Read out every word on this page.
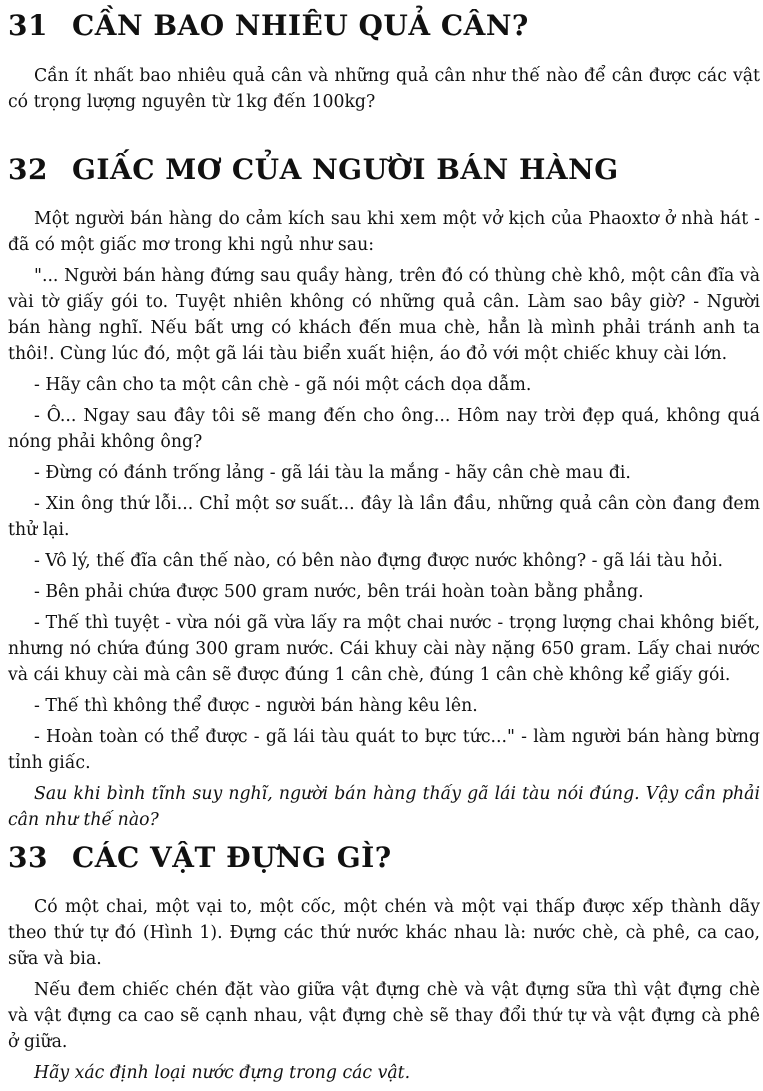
31 CẦN BAO NHIÊU QUẢ CÂN?

Cần ít nhất bao nhiêu quả cân và những quả cân như thế nào để cân được các vật có trọng lượng nguyên từ 1kg đến 100kg?

32 GIẤC MƠ CỦA NGƯỜI BÁN HÀNG

Một người bán hàng do cảm kích sau khi xem một vở kịch của Phaoxtơ ở nhà hát - đã có một giấc mơ trong khi ngủ như sau:

"... Người bán hàng đứng sau quầy hàng, trên đó có thùng chè khô, một cân đĩa và vài tờ giấy gói to. Tuyệt nhiên không có những quả cân. Làm sao bây giờ? - Người bán hàng nghĩ. Nếu bất ưng có khách đến mua chè, hẳn là mình phải tránh anh ta thôi!. Cùng lúc đó, một gã lái tàu biển xuất hiện, áo đỏ với một chiếc khuy cài lớn.

- Hãy cân cho ta một cân chè - gã nói một cách dọa dẫm.

- Ô... Ngay sau đây tôi sẽ mang đến cho ông... Hôm nay trời đẹp quá, không quá nóng phải không ông?

- Đừng có đánh trống lảng - gã lái tàu la mắng - hãy cân chè mau đi.

- Xin ông thứ lỗi... Chỉ một sơ suất... đây là lần đầu, những quả cân còn đang đem thử lại.

- Vô lý, thế đĩa cân thế nào, có bên nào đựng được nước không? - gã lái tàu hỏi.

- Bên phải chứa được 500 gram nước, bên trái hoàn toàn bằng phẳng.

- Thế thì tuyệt - vừa nói gã vừa lấy ra một chai nước - trọng lượng chai không biết, nhưng nó chứa đúng 300 gram nước. Cái khuy cài này nặng 650 gram. Lấy chai nước và cái khuy cài mà cân sẽ được đúng 1 cân chè, đúng 1 cân chè không kể giấy gói.

- Thế thì không thể được - người bán hàng kêu lên.

- Hoàn toàn có thể được - gã lái tàu quát to bực tức..." - làm người bán hàng bừng tỉnh giấc.

Sau khi bình tĩnh suy nghĩ, người bán hàng thấy gã lái tàu nói đúng. Vậy cần phải cân như thế nào?

33 CÁC VẬT ĐỰNG GÌ?

Có một chai, một vại to, một cốc, một chén và một vại thấp được xếp thành dãy theo thứ tự đó (Hình 1). Đựng các thứ nước khác nhau là: nước chè, cà phê, ca cao, sữa và bia.

Nếu đem chiếc chén đặt vào giữa vật đựng chè và vật đựng sữa thì vật đựng chè và vật đựng ca cao sẽ cạnh nhau, vật đựng chè sẽ thay đổi thứ tự và vật đựng cà phê ở giữa.

Hãy xác định loại nước đựng trong các vật.
